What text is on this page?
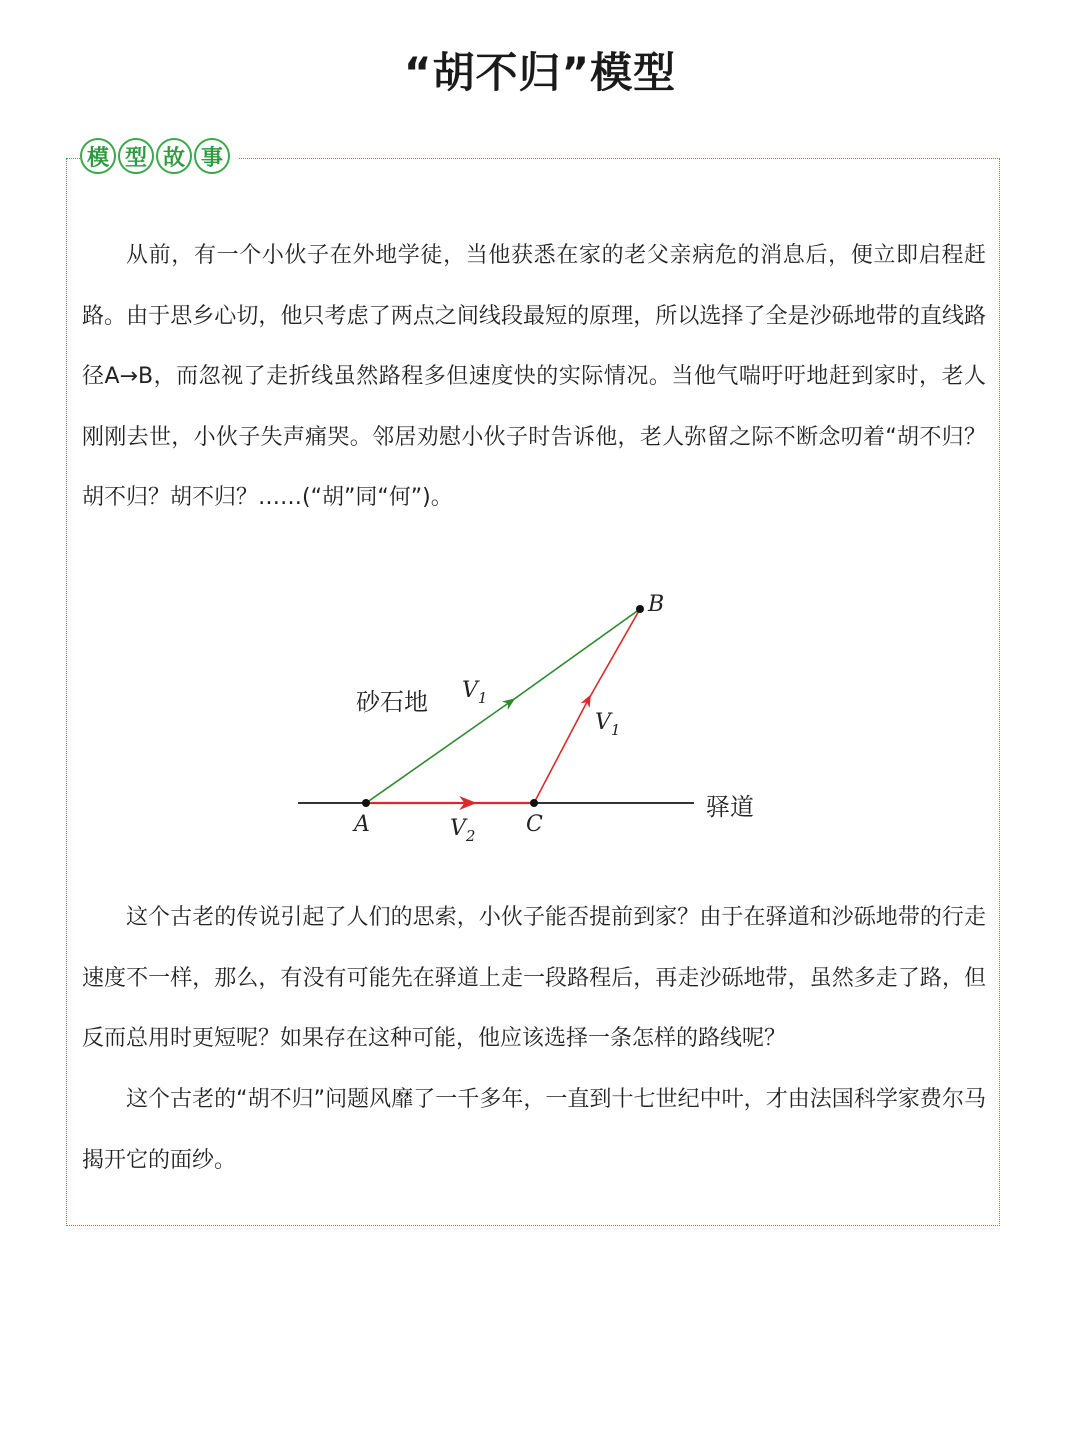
“胡不归”模型
模 型 故 事

从前，有一个小伙子在外地学徒，当他获悉在家的老父亲病危的消息后，便立即启程赶路。由于思乡心切，他只考虑了两点之间线段最短的原理，所以选择了全是沙砾地带的直线路径A→B，而忽视了走折线虽然路程多但速度快的实际情况。当他气喘吁吁地赶到家时，老人刚刚去世，小伙子失声痛哭。邻居劝慰小伙子时告诉他，老人弥留之际不断念叨着“胡不归？胡不归？胡不归？……(“胡”同“何”)。

A	C
B
$V_1$
$V_1$
$V_2$
砂石地
驿道

这个古老的传说引起了人们的思索，小伙子能否提前到家？由于在驿道和沙砾地带的行走速度不一样，那么，有没有可能先在驿道上走一段路程后，再走沙砾地带，虽然多走了路，但反而总用时更短呢？如果存在这种可能，他应该选择一条怎样的路线呢？

这个古老的“胡不归”问题风靡了一千多年，一直到十七世纪中叶，才由法国科学家费尔马揭开它的面纱。
